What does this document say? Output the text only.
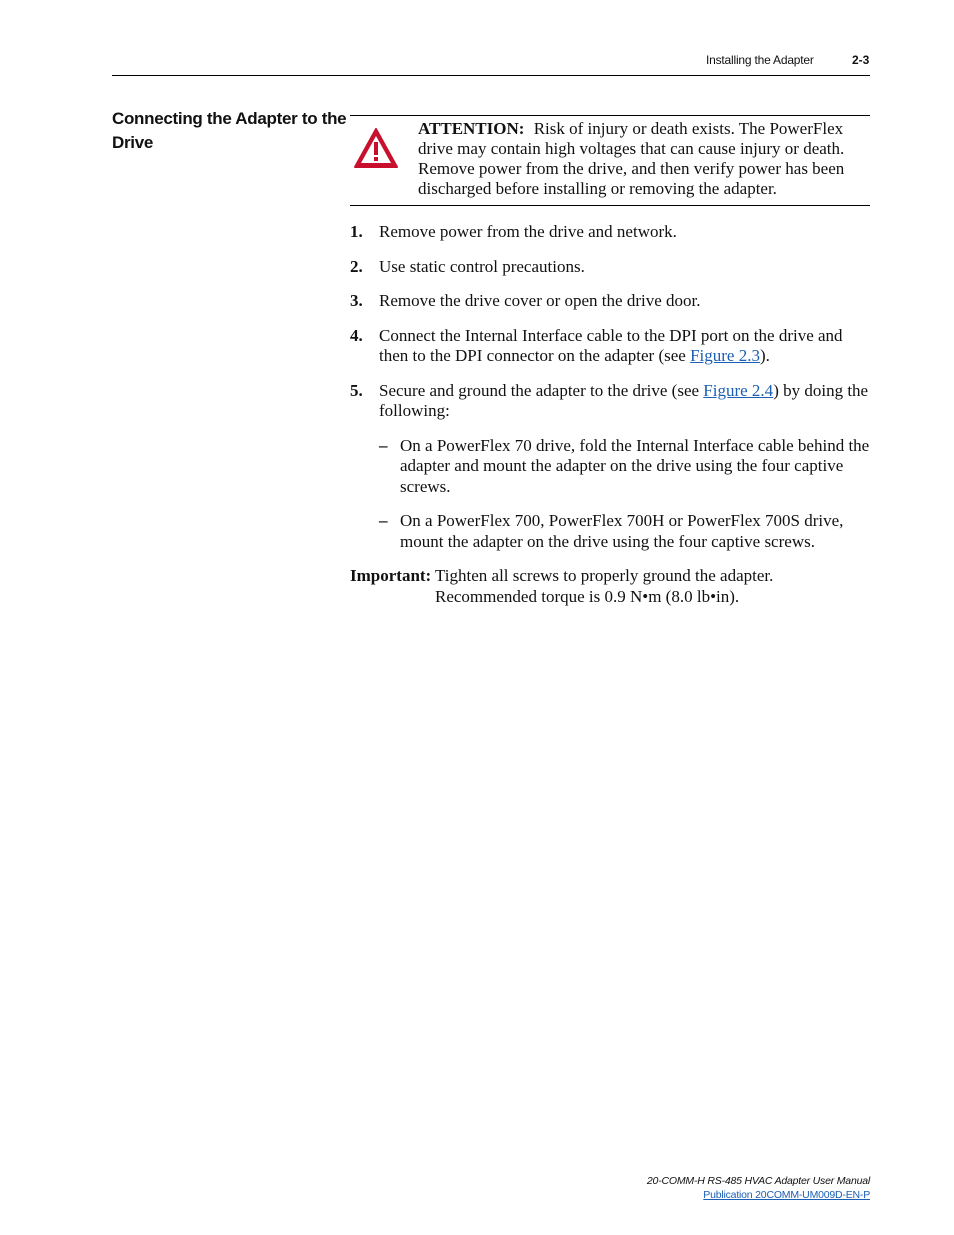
Installing the Adapter	2-3
Connecting the Adapter to the Drive
ATTENTION: Risk of injury or death exists. The PowerFlex drive may contain high voltages that can cause injury or death. Remove power from the drive, and then verify power has been discharged before installing or removing the adapter.
1. Remove power from the drive and network.
2. Use static control precautions.
3. Remove the drive cover or open the drive door.
4. Connect the Internal Interface cable to the DPI port on the drive and then to the DPI connector on the adapter (see Figure 2.3).
5. Secure and ground the adapter to the drive (see Figure 2.4) by doing the following:
– On a PowerFlex 70 drive, fold the Internal Interface cable behind the adapter and mount the adapter on the drive using the four captive screws.
– On a PowerFlex 700, PowerFlex 700H or PowerFlex 700S drive, mount the adapter on the drive using the four captive screws.
Important: Tighten all screws to properly ground the adapter. Recommended torque is 0.9 N•m (8.0 lb•in).
20-COMM-H RS-485 HVAC Adapter User Manual
Publication 20COMM-UM009D-EN-P
